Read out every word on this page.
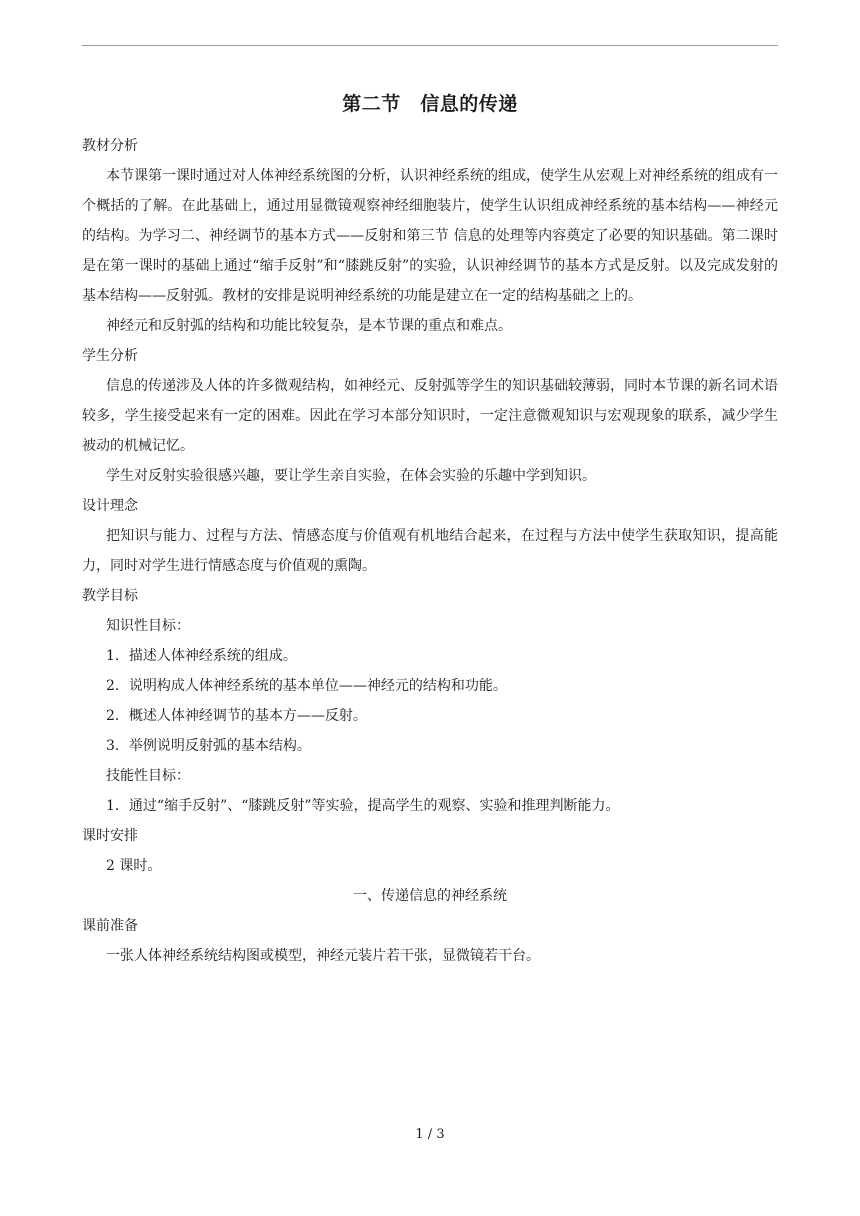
第二节　信息的传递

教材分析

本节课第一课时通过对人体神经系统图的分析，认识神经系统的组成，使学生从宏观上对神经系统的组成有一个概括的了解。在此基础上，通过用显微镜观察神经细胞装片，使学生认识组成神经系统的基本结构——神经元的结构。为学习二、神经调节的基本方式——反射和第三节 信息的处理等内容奠定了必要的知识基础。第二课时是在第一课时的基础上通过“缩手反射”和“膝跳反射”的实验，认识神经调节的基本方式是反射。以及完成发射的基本结构——反射弧。教材的安排是说明神经系统的功能是建立在一定的结构基础之上的。

神经元和反射弧的结构和功能比较复杂，是本节课的重点和难点。

学生分析

信息的传递涉及人体的许多微观结构，如神经元、反射弧等学生的知识基础较薄弱，同时本节课的新名词术语较多，学生接受起来有一定的困难。因此在学习本部分知识时，一定注意微观知识与宏观现象的联系，减少学生被动的机械记忆。

学生对反射实验很感兴趣，要让学生亲自实验，在体会实验的乐趣中学到知识。

设计理念

把知识与能力、过程与方法、情感态度与价值观有机地结合起来，在过程与方法中使学生获取知识，提高能力，同时对学生进行情感态度与价值观的熏陶。

教学目标

知识性目标：

1．描述人体神经系统的组成。

2．说明构成人体神经系统的基本单位——神经元的结构和功能。

2．概述人体神经调节的基本方——反射。

3．举例说明反射弧的基本结构。

技能性目标：

1．通过“缩手反射”、“膝跳反射”等实验，提高学生的观察、实验和推理判断能力。

课时安排

2 课时。

一、传递信息的神经系统

课前准备

一张人体神经系统结构图或模型，神经元装片若干张，显微镜若干台。

1 / 3
